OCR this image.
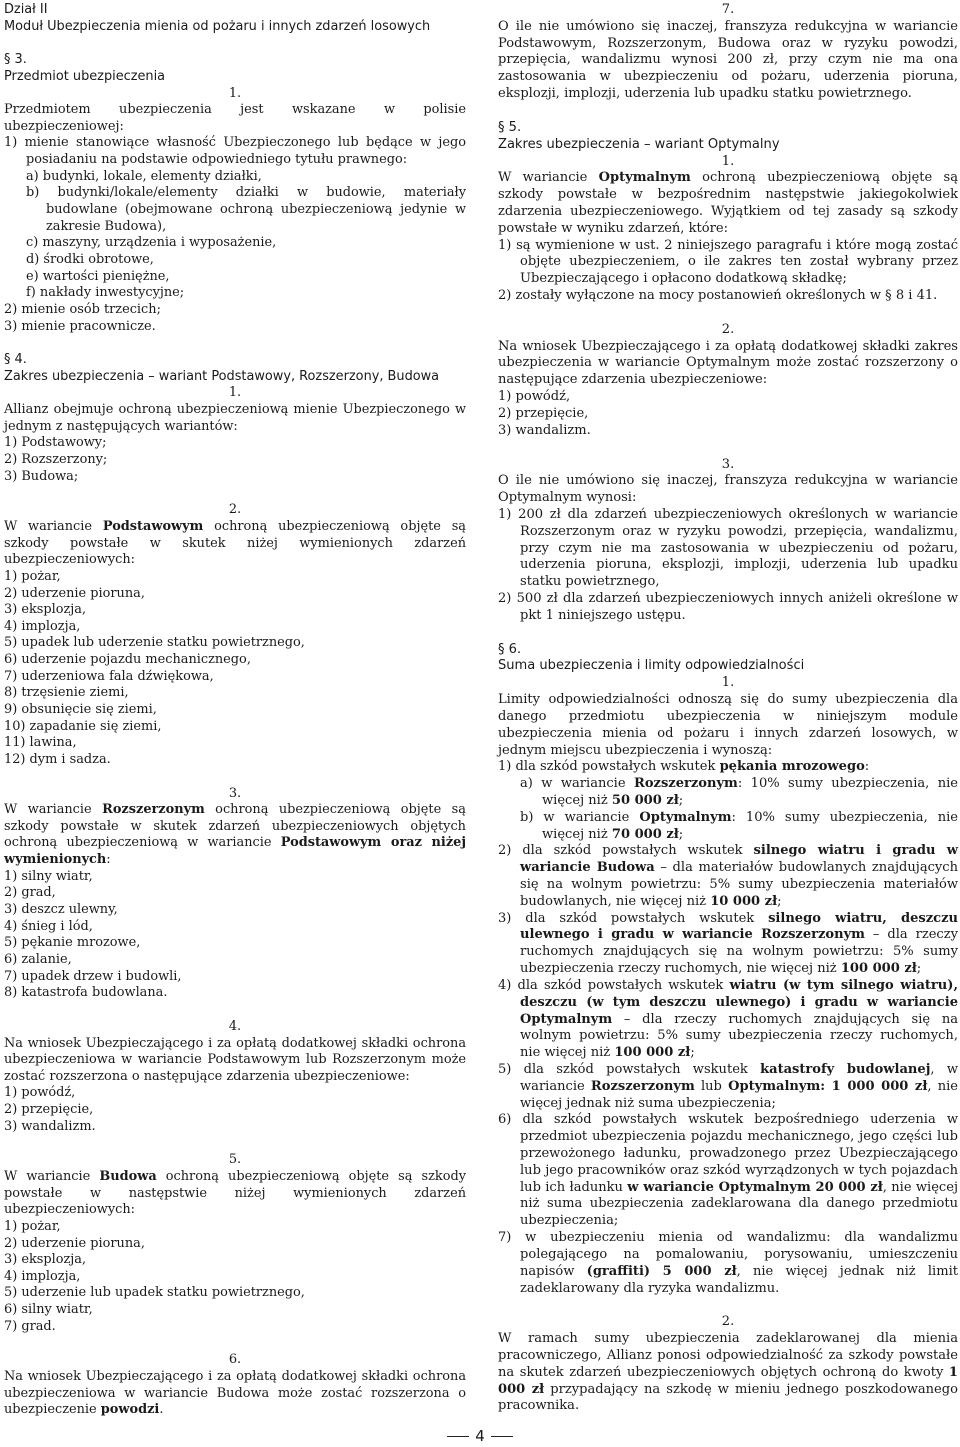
Dział II
Moduł Ubezpieczenia mienia od pożaru i innych zdarzeń losowych
§ 3.
Przedmiot ubezpieczenia
1.

Przedmiotem ubezpieczenia jest wskazane w polisie ubezpieczeniowej:

1) mienie stanowiące własność Ubezpieczonego lub będące w jego posiadaniu na podstawie odpowiedniego tytułu prawnego:
a) budynki, lokale, elementy działki,
b) budynki/lokale/elementy działki w budowie, materiały budowlane (obejmowane ochroną ubezpieczeniową jedynie w zakresie Budowa),
c) maszyny, urządzenia i wyposażenie,
d) środki obrotowe,
e) wartości pieniężne,
f) nakłady inwestycyjne;
2) mienie osób trzecich;
3) mienie pracownicze.
§ 4.
Zakres ubezpieczenia – wariant Podstawowy, Rozszerzony, Budowa
1.

Allianz obejmuje ochroną ubezpieczeniową mienie Ubezpieczonego w jednym z następujących wariantów:

1) Podstawowy;
2) Rozszerzony;
3) Budowa;
2.

W wariancie Podstawowym ochroną ubezpieczeniową objęte są szkody powstałe w skutek niżej wymienionych zdarzeń ubezpieczeniowych:

1) pożar,
2) uderzenie pioruna,
3) eksplozja,
4) implozja,
5) upadek lub uderzenie statku powietrznego,
6) uderzenie pojazdu mechanicznego,
7) uderzeniowa fala dźwiękowa,
8) trzęsienie ziemi,
9) obsunięcie się ziemi,
10) zapadanie się ziemi,
11) lawina,
12) dym i sadza.
3.

W wariancie Rozszerzonym ochroną ubezpieczeniową objęte są szkody powstałe w skutek zdarzeń ubezpieczeniowych objętych ochroną ubezpieczeniową w wariancie Podstawowym oraz niżej wymienionych:

1) silny wiatr,
2) grad,
3) deszcz ulewny,
4) śnieg i lód,
5) pękanie mrozowe,
6) zalanie,
7) upadek drzew i budowli,
8) katastrofa budowlana.
4.

Na wniosek Ubezpieczającego i za opłatą dodatkowej składki ochrona ubezpieczeniowa w wariancie Podstawowym lub Rozszerzonym może zostać rozszerzona o następujące zdarzenia ubezpieczeniowe:

1) powódź,
2) przepięcie,
3) wandalizm.
5.

W wariancie Budowa ochroną ubezpieczeniową objęte są szkody powstałe w następstwie niżej wymienionych zdarzeń ubezpieczeniowych:

1) pożar,
2) uderzenie pioruna,
3) eksplozja,
4) implozja,
5) uderzenie lub upadek statku powietrznego,
6) silny wiatr,
7) grad.
6.

Na wniosek Ubezpieczającego i za opłatą dodatkowej składki ochrona ubezpieczeniowa w wariancie Budowa może zostać rozszerzona o ubezpieczenie powodzi.

7.

O ile nie umówiono się inaczej, franszyza redukcyjna w wariancie Podstawowym, Rozszerzonym, Budowa oraz w ryzyku powodzi, przepięcia, wandalizmu wynosi 200 zł, przy czym nie ma ona zastosowania w ubezpieczeniu od pożaru, uderzenia pioruna, eksplozji, implozji, uderzenia lub upadku statku powietrznego.

§ 5.
Zakres ubezpieczenia – wariant Optymalny
1.

W wariancie Optymalnym ochroną ubezpieczeniową objęte są szkody powstałe w bezpośrednim następstwie jakiegokolwiek zdarzenia ubezpieczeniowego. Wyjątkiem od tej zasady są szkody powstałe w wyniku zdarzeń, które:

1) są wymienione w ust. 2 niniejszego paragrafu i które mogą zostać objęte ubezpieczeniem, o ile zakres ten został wybrany przez Ubezpieczającego i opłacono dodatkową składkę;
2) zostały wyłączone na mocy postanowień określonych w § 8 i 41.
2.

Na wniosek Ubezpieczającego i za opłatą dodatkowej składki zakres ubezpieczenia w wariancie Optymalnym może zostać rozszerzony o następujące zdarzenia ubezpieczeniowe:

1) powódź,
2) przepięcie,
3) wandalizm.
3.

O ile nie umówiono się inaczej, franszyza redukcyjna w wariancie Optymalnym wynosi:

1) 200 zł dla zdarzeń ubezpieczeniowych określonych w wariancie Rozszerzonym oraz w ryzyku powodzi, przepięcia, wandalizmu, przy czym nie ma zastosowania w ubezpieczeniu od pożaru, uderzenia pioruna, eksplozji, implozji, uderzenia lub upadku statku powietrznego,
2) 500 zł dla zdarzeń ubezpieczeniowych innych aniżeli określone w pkt 1 niniejszego ustępu.
§ 6.
Suma ubezpieczenia i limity odpowiedzialności
1.

Limity odpowiedzialności odnoszą się do sumy ubezpieczenia dla danego przedmiotu ubezpieczenia w niniejszym module ubezpieczenia mienia od pożaru i innych zdarzeń losowych, w jednym miejscu ubezpieczenia i wynoszą:

1) dla szkód powstałych wskutek pękania mrozowego:
a) w wariancie Rozszerzonym: 10% sumy ubezpieczenia, nie więcej niż 50 000 zł;
b) w wariancie Optymalnym: 10% sumy ubezpieczenia, nie więcej niż 70 000 zł;
2) dla szkód powstałych wskutek silnego wiatru i gradu w wariancie Budowa – dla materiałów budowlanych znajdujących się na wolnym powietrzu: 5% sumy ubezpieczenia materiałów budowlanych, nie więcej niż 10 000 zł;
3) dla szkód powstałych wskutek silnego wiatru, deszczu ulewnego i gradu w wariancie Rozszerzonym – dla rzeczy ruchomych znajdujących się na wolnym powietrzu: 5% sumy ubezpieczenia rzeczy ruchomych, nie więcej niż 100 000 zł;
4) dla szkód powstałych wskutek wiatru (w tym silnego wiatru), deszczu (w tym deszczu ulewnego) i gradu w wariancie Optymalnym – dla rzeczy ruchomych znajdujących się na wolnym powietrzu: 5% sumy ubezpieczenia rzeczy ruchomych, nie więcej niż 100 000 zł;
5) dla szkód powstałych wskutek katastrofy budowlanej, w wariancie Rozszerzonym lub Optymalnym: 1 000 000 zł, nie więcej jednak niż suma ubezpieczenia;
6) dla szkód powstałych wskutek bezpośredniego uderzenia w przedmiot ubezpieczenia pojazdu mechanicznego, jego części lub przewożonego ładunku, prowadzonego przez Ubezpieczającego lub jego pracowników oraz szkód wyrządzonych w tych pojazdach lub ich ładunku w wariancie Optymalnym 20 000 zł, nie więcej niż suma ubezpieczenia zadeklarowana dla danego przedmiotu ubezpieczenia;
7) w ubezpieczeniu mienia od wandalizmu: dla wandalizmu polegającego na pomalowaniu, porysowaniu, umieszczeniu napisów (graffiti) 5 000 zł, nie więcej jednak niż limit zadeklarowany dla ryzyka wandalizmu.
2.

W ramach sumy ubezpieczenia zadeklarowanej dla mienia pracowniczego, Allianz ponosi odpowiedzialność za szkody powstałe na skutek zdarzeń ubezpieczeniowych objętych ochroną do kwoty 1 000 zł przypadający na szkodę w mieniu jednego poszkodowanego pracownika.

4
